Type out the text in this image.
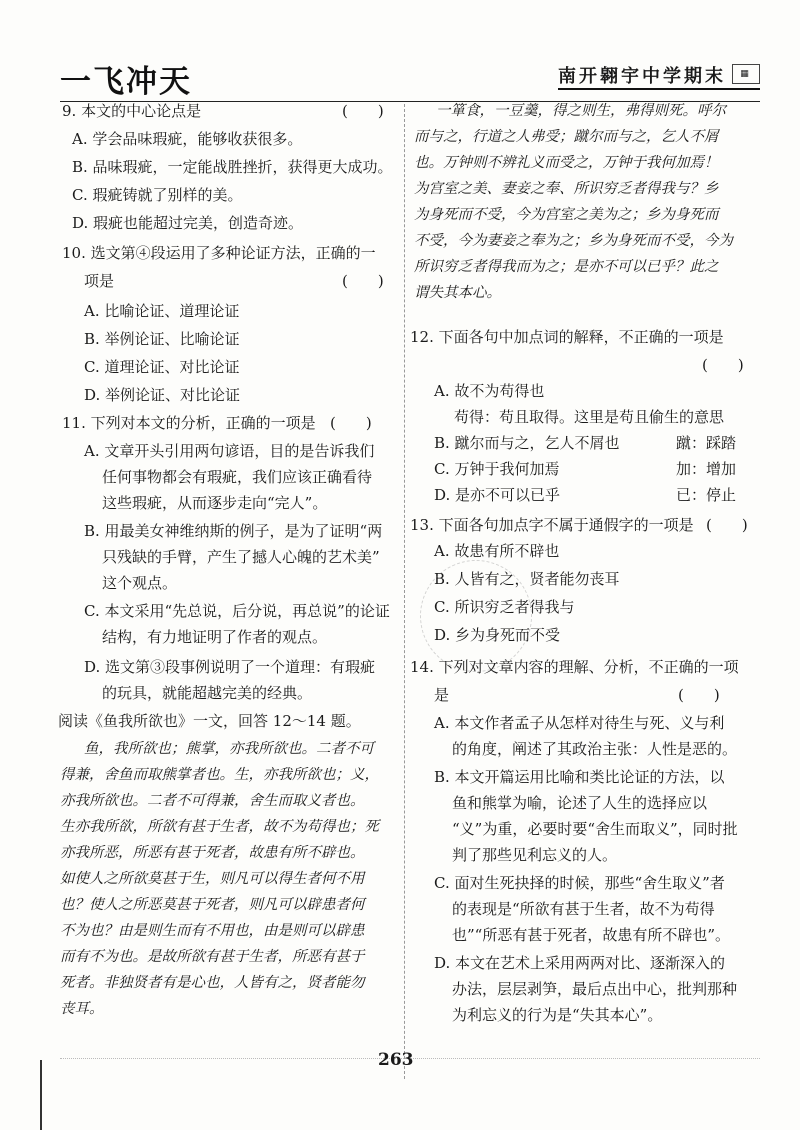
一飞冲天	南开翱宇中学期末	▦
9. 本文的中心论点是	(　　)
A. 学会品味瑕疵，能够收获很多。
B. 品味瑕疵，一定能战胜挫折，获得更大成功。
C. 瑕疵铸就了别样的美。
D. 瑕疵也能超过完美，创造奇迹。
10. 选文第④段运用了多种论证方法，正确的一
项是	(　　)
A. 比喻论证、道理论证
B. 举例论证、比喻论证
C. 道理论证、对比论证
D. 举例论证、对比论证
11. 下列对本文的分析，正确的一项是 (　　)
A. 文章开头引用两句谚语，目的是告诉我们
任何事物都会有瑕疵，我们应该正确看待
这些瑕疵，从而逐步走向“完人”。
B. 用最美女神维纳斯的例子，是为了证明“两
只残缺的手臂，产生了撼人心魄的艺术美”
这个观点。
C. 本文采用“先总说，后分说，再总说”的论证
结构，有力地证明了作者的观点。
D. 选文第③段事例说明了一个道理：有瑕疵
的玩具，就能超越完美的经典。
阅读《鱼我所欲也》一文，回答 12～14 题。
鱼，我所欲也；熊掌，亦我所欲也。二者不可
得兼，舍鱼而取熊掌者也。生，亦我所欲也；义，
亦我所欲也。二者不可得兼，舍生而取义者也。
生亦我所欲，所欲有甚于生者，故不为苟得也；死
亦我所恶，所恶有甚于死者，故患有所不辟也。
如使人之所欲莫甚于生，则凡可以得生者何不用
也？使人之所恶莫甚于死者，则凡可以辟患者何
不为也？由是则生而有不用也，由是则可以辟患
而有不为也。是故所欲有甚于生者，所恶有甚于
死者。非独贤者有是心也，人皆有之，贤者能勿
丧耳。
一箪食，一豆羹，得之则生，弗得则死。呼尔
而与之，行道之人弗受；蹴尔而与之，乞人不屑
也。万钟则不辨礼义而受之，万钟于我何加焉！
为宫室之美、妻妾之奉、所识穷乏者得我与？乡
为身死而不受，今为宫室之美为之；乡为身死而
不受，今为妻妾之奉为之；乡为身死而不受，今为
所识穷乏者得我而为之；是亦不可以已乎？此之
谓失其本心。
12. 下面各句中加点词的解释，不正确的一项是
(　　)
A. 故不为苟得也
苟得：苟且取得。这里是苟且偷生的意思
B. 蹴尔而与之，乞人不屑也	蹴：踩踏
C. 万钟于我何加焉	加：增加
D. 是亦不可以已乎	已：停止
13. 下面各句加点字不属于通假字的一项是 (　　)
A. 故患有所不辟也
B. 人皆有之，贤者能勿丧耳
C. 所识穷乏者得我与
D. 乡为身死而不受
14. 下列对文章内容的理解、分析，不正确的一项
是	(　　)
A. 本文作者孟子从怎样对待生与死、义与利
的角度，阐述了其政治主张：人性是恶的。
B. 本文开篇运用比喻和类比论证的方法，以
鱼和熊掌为喻，论述了人生的选择应以
“义”为重，必要时要“舍生而取义”，同时批
判了那些见利忘义的人。
C. 面对生死抉择的时候，那些“舍生取义”者
的表现是“所欲有甚于生者，故不为苟得
也”“所恶有甚于死者，故患有所不辟也”。
D. 本文在艺术上采用两两对比、逐渐深入的
办法，层层剥笋，最后点出中心，批判那种
为利忘义的行为是“失其本心”。
263
